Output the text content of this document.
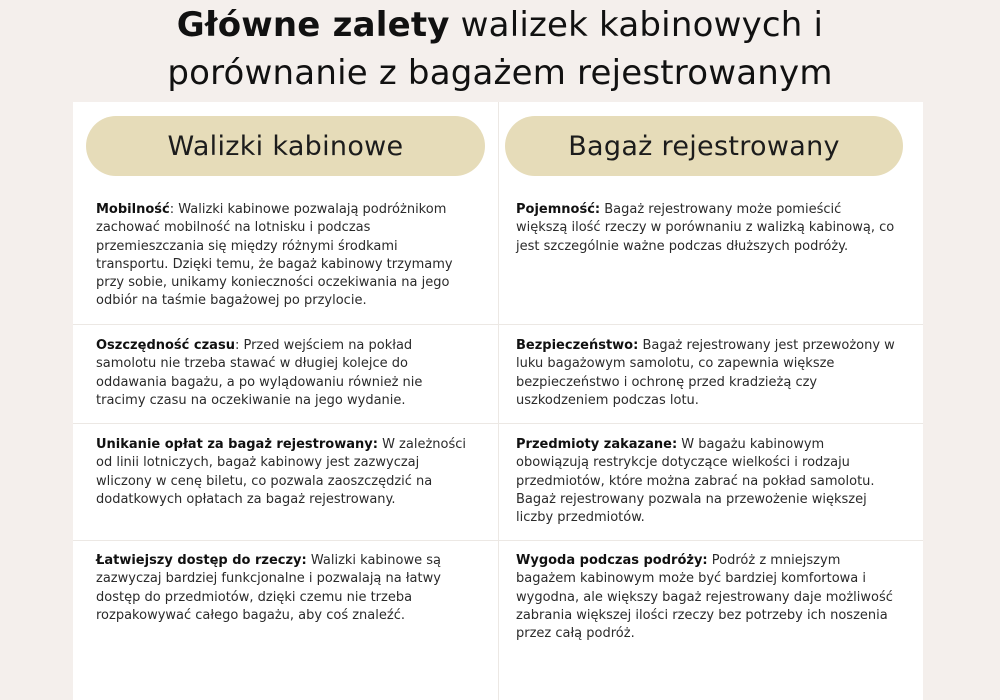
Główne zalety walizek kabinowych i
porównanie z bagażem rejestrowanym
Walizki kabinowe
Mobilność: Walizki kabinowe pozwalają podróżnikom zachować mobilność na lotnisku i podczas przemieszczania się między różnymi środkami transportu. Dzięki temu, że bagaż kabinowy trzymamy przy sobie, unikamy konieczności oczekiwania na jego odbiór na taśmie bagażowej po przylocie.
Oszczędność czasu: Przed wejściem na pokład samolotu nie trzeba stawać w długiej kolejce do oddawania bagażu, a po wylądowaniu również nie tracimy czasu na oczekiwanie na jego wydanie.
Unikanie opłat za bagaż rejestrowany: W zależności od linii lotniczych, bagaż kabinowy jest zazwyczaj wliczony w cenę biletu, co pozwala zaoszczędzić na dodatkowych opłatach za bagaż rejestrowany.
Łatwiejszy dostęp do rzeczy: Walizki kabinowe są zazwyczaj bardziej funkcjonalne i pozwalają na łatwy dostęp do przedmiotów, dzięki czemu nie trzeba rozpakowywać całego bagażu, aby coś znaleźć.
Bagaż rejestrowany
Pojemność: Bagaż rejestrowany może pomieścić większą ilość rzeczy w porównaniu z walizką kabinową, co jest szczególnie ważne podczas dłuższych podróży.
Bezpieczeństwo: Bagaż rejestrowany jest przewożony w luku bagażowym samolotu, co zapewnia większe bezpieczeństwo i ochronę przed kradzieżą czy uszkodzeniem podczas lotu.
Przedmioty zakazane: W bagażu kabinowym obowiązują restrykcje dotyczące wielkości i rodzaju przedmiotów, które można zabrać na pokład samolotu. Bagaż rejestrowany pozwala na przewożenie większej liczby przedmiotów.
Wygoda podczas podróży: Podróż z mniejszym bagażem kabinowym może być bardziej komfortowa i wygodna, ale większy bagaż rejestrowany daje możliwość zabrania większej ilości rzeczy bez potrzeby ich noszenia przez całą podróż.
